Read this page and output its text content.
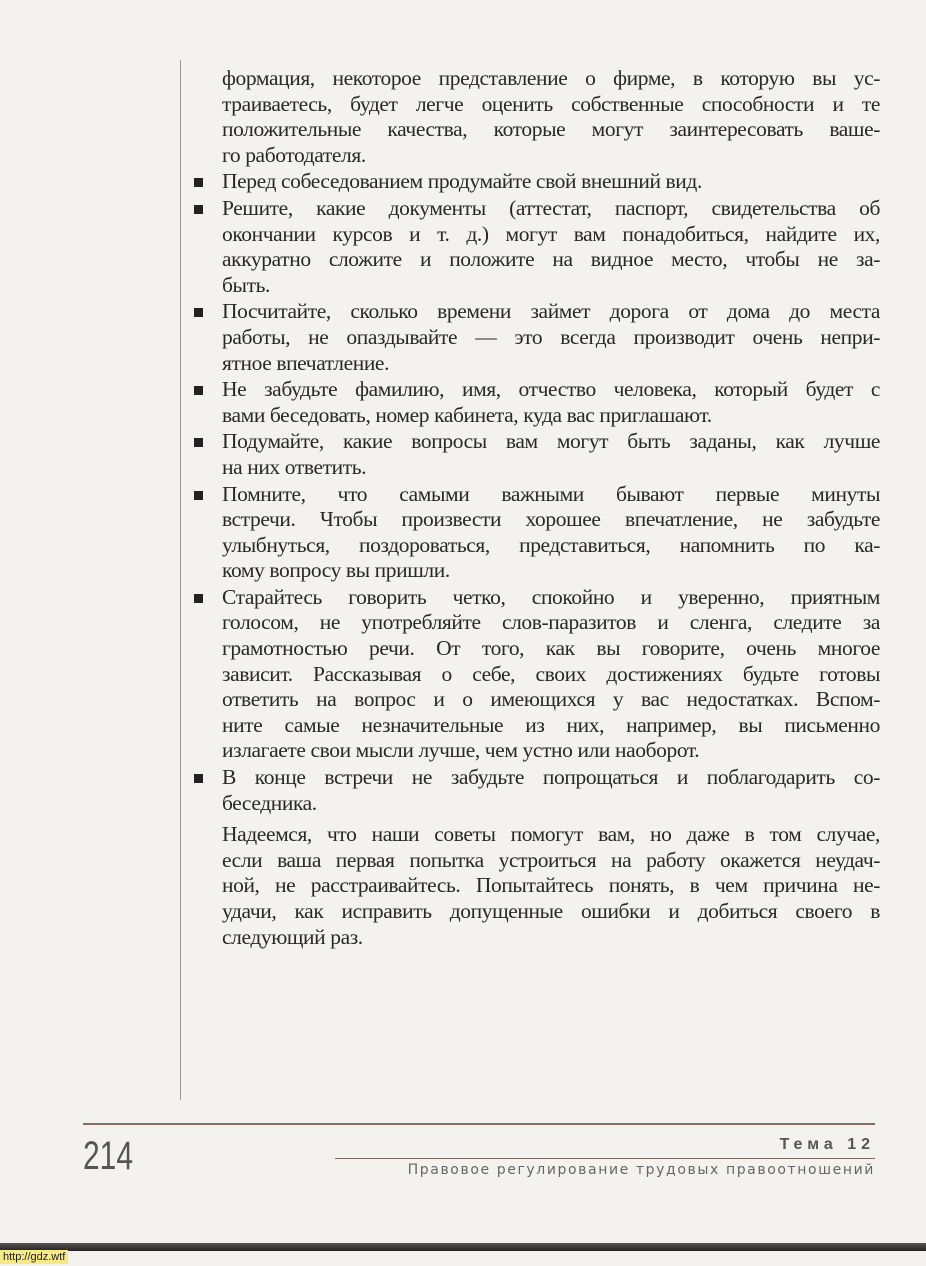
формация, некоторое представление о фирме, в которую вы ус-
траиваетесь, будет легче оценить собственные способности и те
положительные качества, которые могут заинтересовать ваше-
го работодателя.
Перед собеседованием продумайте свой внешний вид.
Решите, какие документы (аттестат, паспорт, свидетельства об
окончании курсов и т. д.) могут вам понадобиться, найдите их,
аккуратно сложите и положите на видное место, чтобы не за-
быть.
Посчитайте, сколько времени займет дорога от дома до места
работы, не опаздывайте — это всегда производит очень непри-
ятное впечатление.
Не забудьте фамилию, имя, отчество человека, который будет с
вами беседовать, номер кабинета, куда вас приглашают.
Подумайте, какие вопросы вам могут быть заданы, как лучше
на них ответить.
Помните, что самыми важными бывают первые минуты
встречи. Чтобы произвести хорошее впечатление, не забудьте
улыбнуться, поздороваться, представиться, напомнить по ка-
кому вопросу вы пришли.
Старайтесь говорить четко, спокойно и уверенно, приятным
голосом, не употребляйте слов-паразитов и сленга, следите за
грамотностью речи. От того, как вы говорите, очень многое
зависит. Рассказывая о себе, своих достижениях будьте готовы
ответить на вопрос и о имеющихся у вас недостатках. Вспом-
ните самые незначительные из них, например, вы письменно
излагаете свои мысли лучше, чем устно или наоборот.
В конце встречи не забудьте попрощаться и поблагодарить со-
беседника.
Надеемся, что наши советы помогут вам, но даже в том случае,
если ваша первая попытка устроиться на работу окажется неудач-
ной, не расстраивайтесь. Попытайтесь понять, в чем причина не-
удачи, как исправить допущенные ошибки и добиться своего в
следующий раз.
214	Тема 12
Правовое регулирование трудовых правоотношений
http://gdz.wtf
